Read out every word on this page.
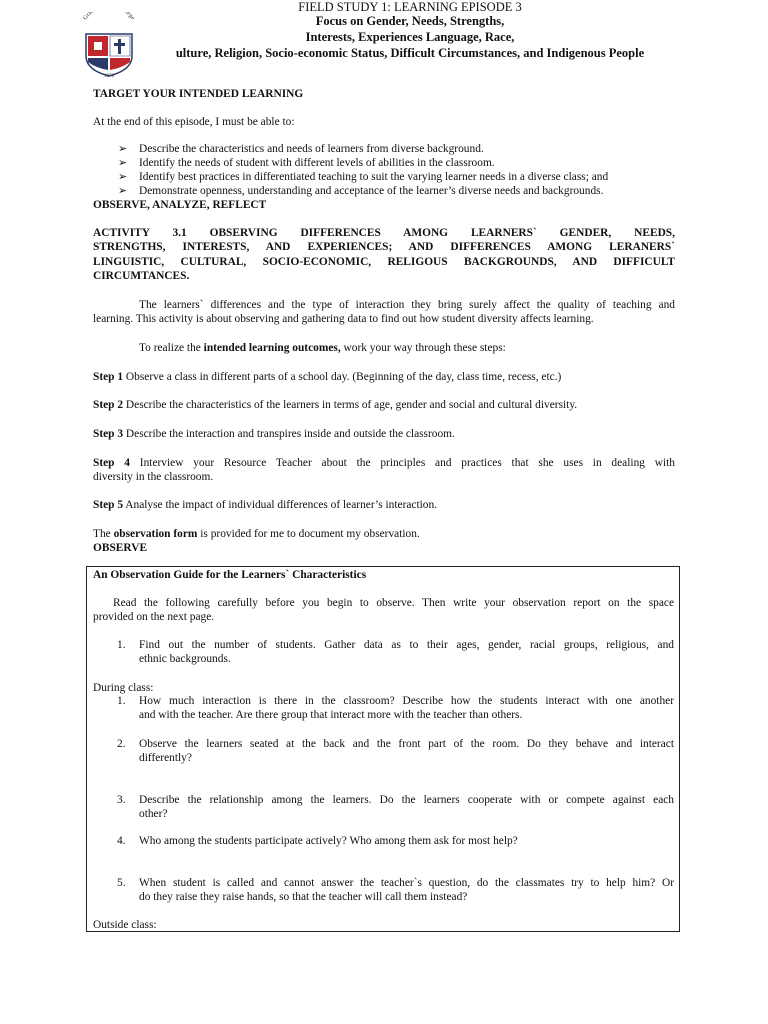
Gra lege
1976
FIELD STUDY 1: LEARNING EPISODE 3
Focus on Gender, Needs, Strengths,
Interests, Experiences Language, Race,
ulture, Religion, Socio-economic Status, Difficult Circumstances, and Indigenous People
TARGET YOUR INTENDED LEARNING
At the end of this episode, I must be able to:
➢ Describe the characteristics and needs of learners from diverse background.
➢ Identify the needs of student with different levels of abilities in the classroom.
➢ Identify best practices in differentiated teaching to suit the varying learner needs in a diverse class; and
➢ Demonstrate openness, understanding and acceptance of the learner’s diverse needs and backgrounds.
OBSERVE, ANALYZE, REFLECT
ACTIVITY 3.1 OBSERVING DIFFERENCES AMONG LEARNERS` GENDER, NEEDS,
STRENGTHS, INTERESTS, AND EXPERIENCES; AND DIFFERENCES AMONG LERANERS`
LINGUISTIC, CULTURAL, SOCIO-ECONOMIC, RELIGOUS BACKGROUNDS, AND DIFFICULT
CIRCUMTANCES.
The learners` differences and the type of interaction they bring surely affect the quality of teaching and
learning. This activity is about observing and gathering data to find out how student diversity affects learning.
To realize the intended learning outcomes, work your way through these steps:
Step 1 Observe a class in different parts of a school day. (Beginning of the day, class time, recess, etc.)
Step 2 Describe the characteristics of the learners in terms of age, gender and social and cultural diversity.
Step 3 Describe the interaction and transpires inside and outside the classroom.
Step 4 Interview your Resource Teacher about the principles and practices that she uses in dealing with
diversity in the classroom.
Step 5 Analyse the impact of individual differences of learner’s interaction.
The observation form is provided for me to document my observation.
OBSERVE
An Observation Guide for the Learners` Characteristics
Read the following carefully before you begin to observe. Then write your observation report on the space
provided on the next page.
1. Find out the number of students. Gather data as to their ages, gender, racial groups, religious, and
ethnic backgrounds.
During class:
1. How much interaction is there in the classroom? Describe how the students interact with one another
and with the teacher. Are there group that interact more with the teacher than others.
2. Observe the learners seated at the back and the front part of the room. Do they behave and interact
differently?
3. Describe the relationship among the learners. Do the learners cooperate with or compete against each
other?
4. Who among the students participate actively? Who among them ask for most help?
5. When student is called and cannot answer the teacher`s question, do the classmates try to help him? Or
do they raise they raise hands, so that the teacher will call them instead?
Outside class:
